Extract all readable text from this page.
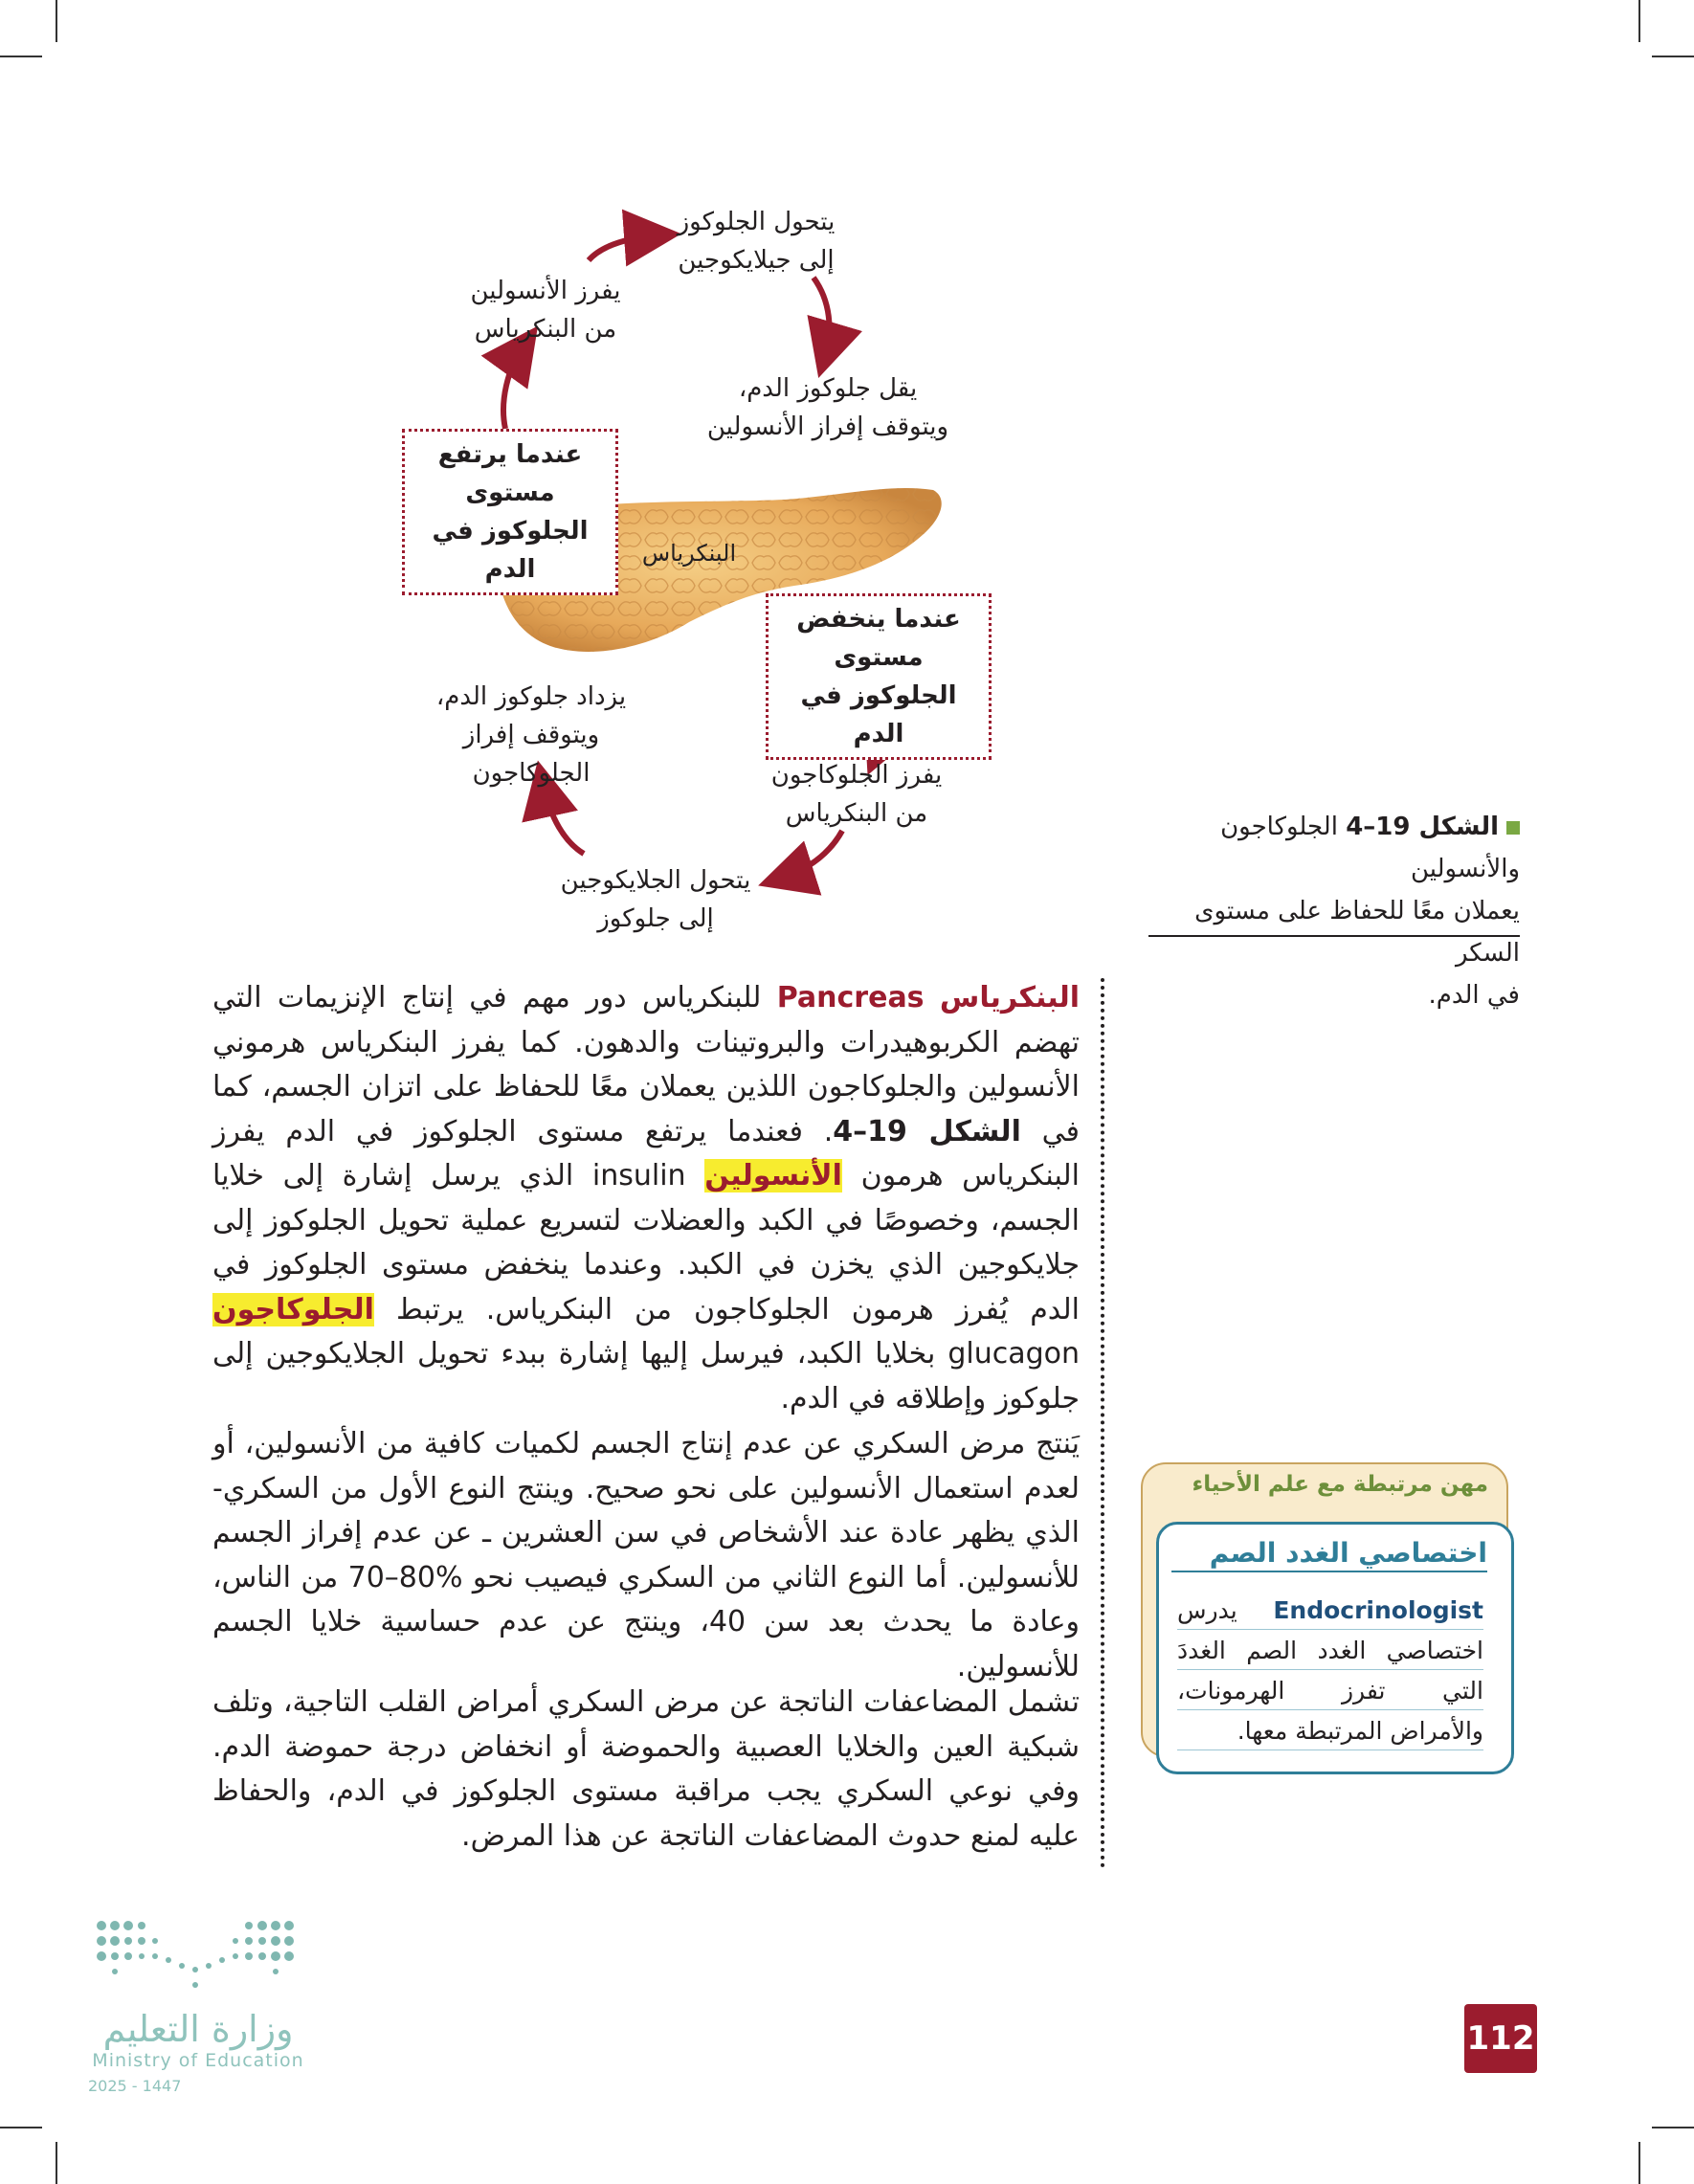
يتحول الجلوكوز
إلى جيلايكوجين
يفرز الأنسولين
من البنكرياس
يقل جلوكوز الدم،
ويتوقف إفراز الأنسولين
عندما يرتفع مستوى
الجلوكوز في الدم
البنكرياس
عندما ينخفض مستوى
الجلوكوز في الدم
يزداد جلوكوز الدم،
ويتوقف إفراز الجلوكاجون	يفرز الجلوكاجون
من البنكرياس
يتحول الجلايكوجين
إلى جلوكوز
الشكل 19–4 الجلوكاجون والأنسولين
يعملان معًا للحفاظ على مستوى السكر
في الدم.
البنكرياس Pancreas للبنكرياس دور مهم في إنتاج الإنزيمات التي تهضم الكربوهيدرات والبروتينات والدهون. كما يفرز البنكرياس هرموني الأنسولين والجلوكاجون اللذين يعملان معًا للحفاظ على اتزان الجسم، كما في الشكل 19–4. فعندما يرتفع مستوى الجلوكوز في الدم يفرز البنكرياس هرمون الأنسولين insulin الذي يرسل إشارة إلى خلايا الجسم، وخصوصًا في الكبد والعضلات لتسريع عملية تحويل الجلوكوز إلى جلايكوجين الذي يخزن في الكبد. وعندما ينخفض مستوى الجلوكوز في الدم يُفرز هرمون الجلوكاجون من البنكرياس. يرتبط الجلوكاجون glucagon بخلايا الكبد، فيرسل إليها إشارة ببدء تحويل الجلايكوجين إلى جلوكوز وإطلاقه في الدم.
يَنتج مرض السكري عن عدم إنتاج الجسم لكميات كافية من الأنسولين، أو لعدم استعمال الأنسولين على نحو صحيح. وينتج النوع الأول من السكري- الذي يظهر عادة عند الأشخاص في سن العشرين ـ عن عدم إفراز الجسم للأنسولين. أما النوع الثاني من السكري فيصيب نحو %80–70 من الناس، وعادة ما يحدث بعد سن 40، وينتج عن عدم حساسية خلايا الجسم للأنسولين.
تشمل المضاعفات الناتجة عن مرض السكري أمراض القلب التاجية، وتلف شبكية العين والخلايا العصبية والحموضة أو انخفاض درجة حموضة الدم. وفي نوعي السكري يجب مراقبة مستوى الجلوكوز في الدم، والحفاظ عليه لمنع حدوث المضاعفات الناتجة عن هذا المرض.
مهن مرتبطة مع علم الأحياء
اختصاصي الغدد الصم
Endocrinologist يدرس اختصاصي الغدد الصم الغددَ التي تفرز الهرمونات، والأمراض المرتبطة معها.
وزارة التعليم
Ministry of Education
2025 - 1447
112
